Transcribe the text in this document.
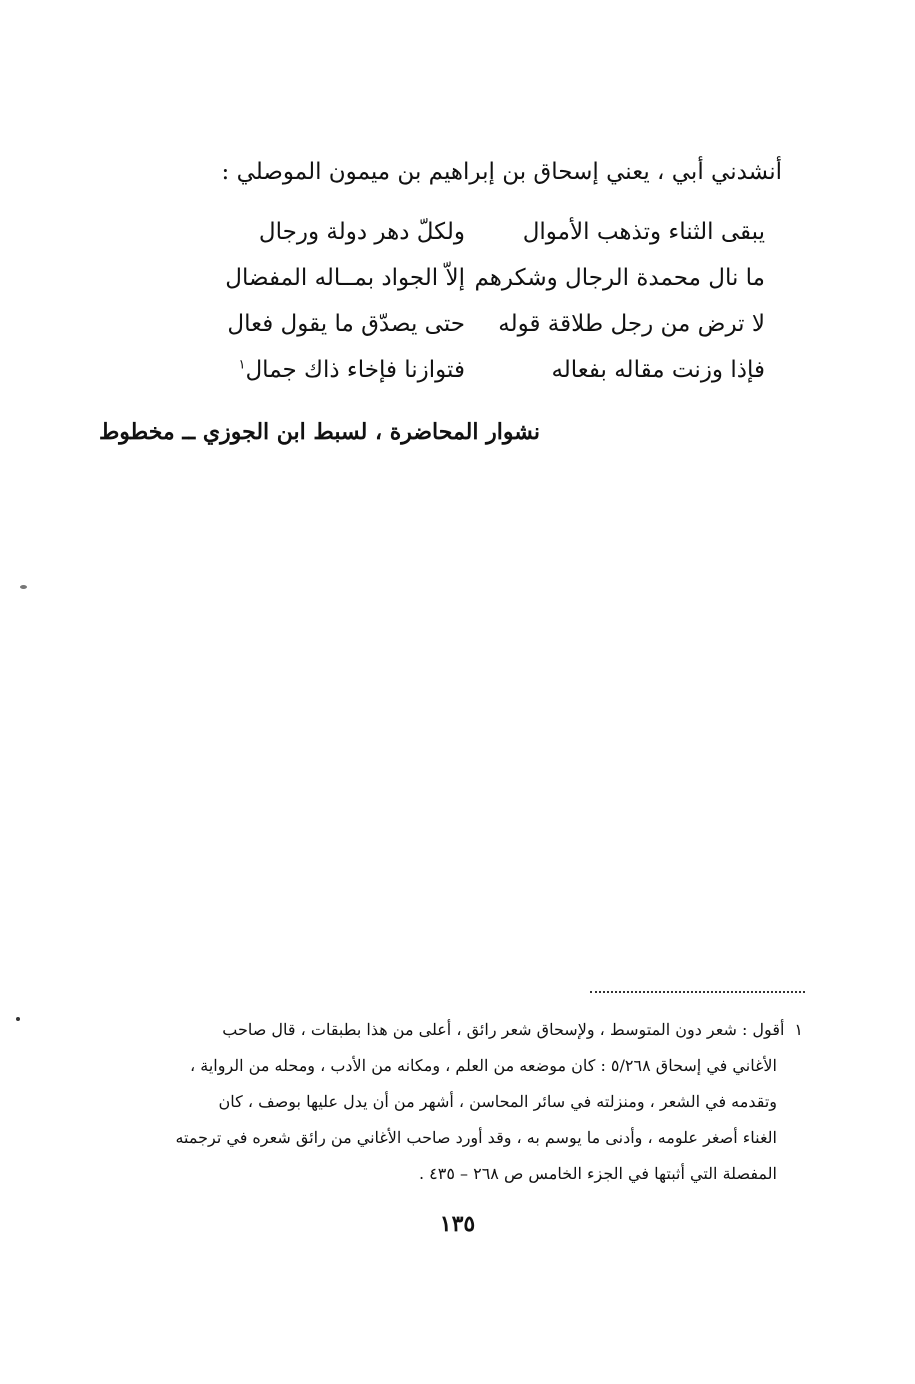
أنشدني أبي ، يعني إسحاق بن إبراهيم بن ميمون الموصلي :
يبقى الثناء وتذهب الأموال
ولكلّ دهر دولة ورجال
ما نال محمدة الرجال وشكرهم
إلاّ الجواد بمــاله المفضال
لا ترض من رجل طلاقة قوله
حتى يصدّق ما يقول فعال
فإذا وزنت مقاله بفعاله
فتوازنا فإخاء ذاك جمال$^١$
نشوار المحاضرة ، لسبط ابن الجوزي ــ مخطوط
١أقول : شعر دون المتوسط ، ولإسحاق شعر رائق ، أعلى من هذا بطبقات ، قال صاحب
الأغاني في إسحاق ٥/٢٦٨ : كان موضعه من العلم ، ومكانه من الأدب ، ومحله من الرواية ،
وتقدمه في الشعر ، ومنزلته في سائر المحاسن ، أشهر من أن يدل عليها بوصف ، كان
الغناء أصغر علومه ، وأدنى ما يوسم به ، وقد أورد صاحب الأغاني من رائق شعره في ترجمته
المفصلة التي أثبتها في الجزء الخامس ص ٢٦٨ – ٤٣٥ .
١٣٥
